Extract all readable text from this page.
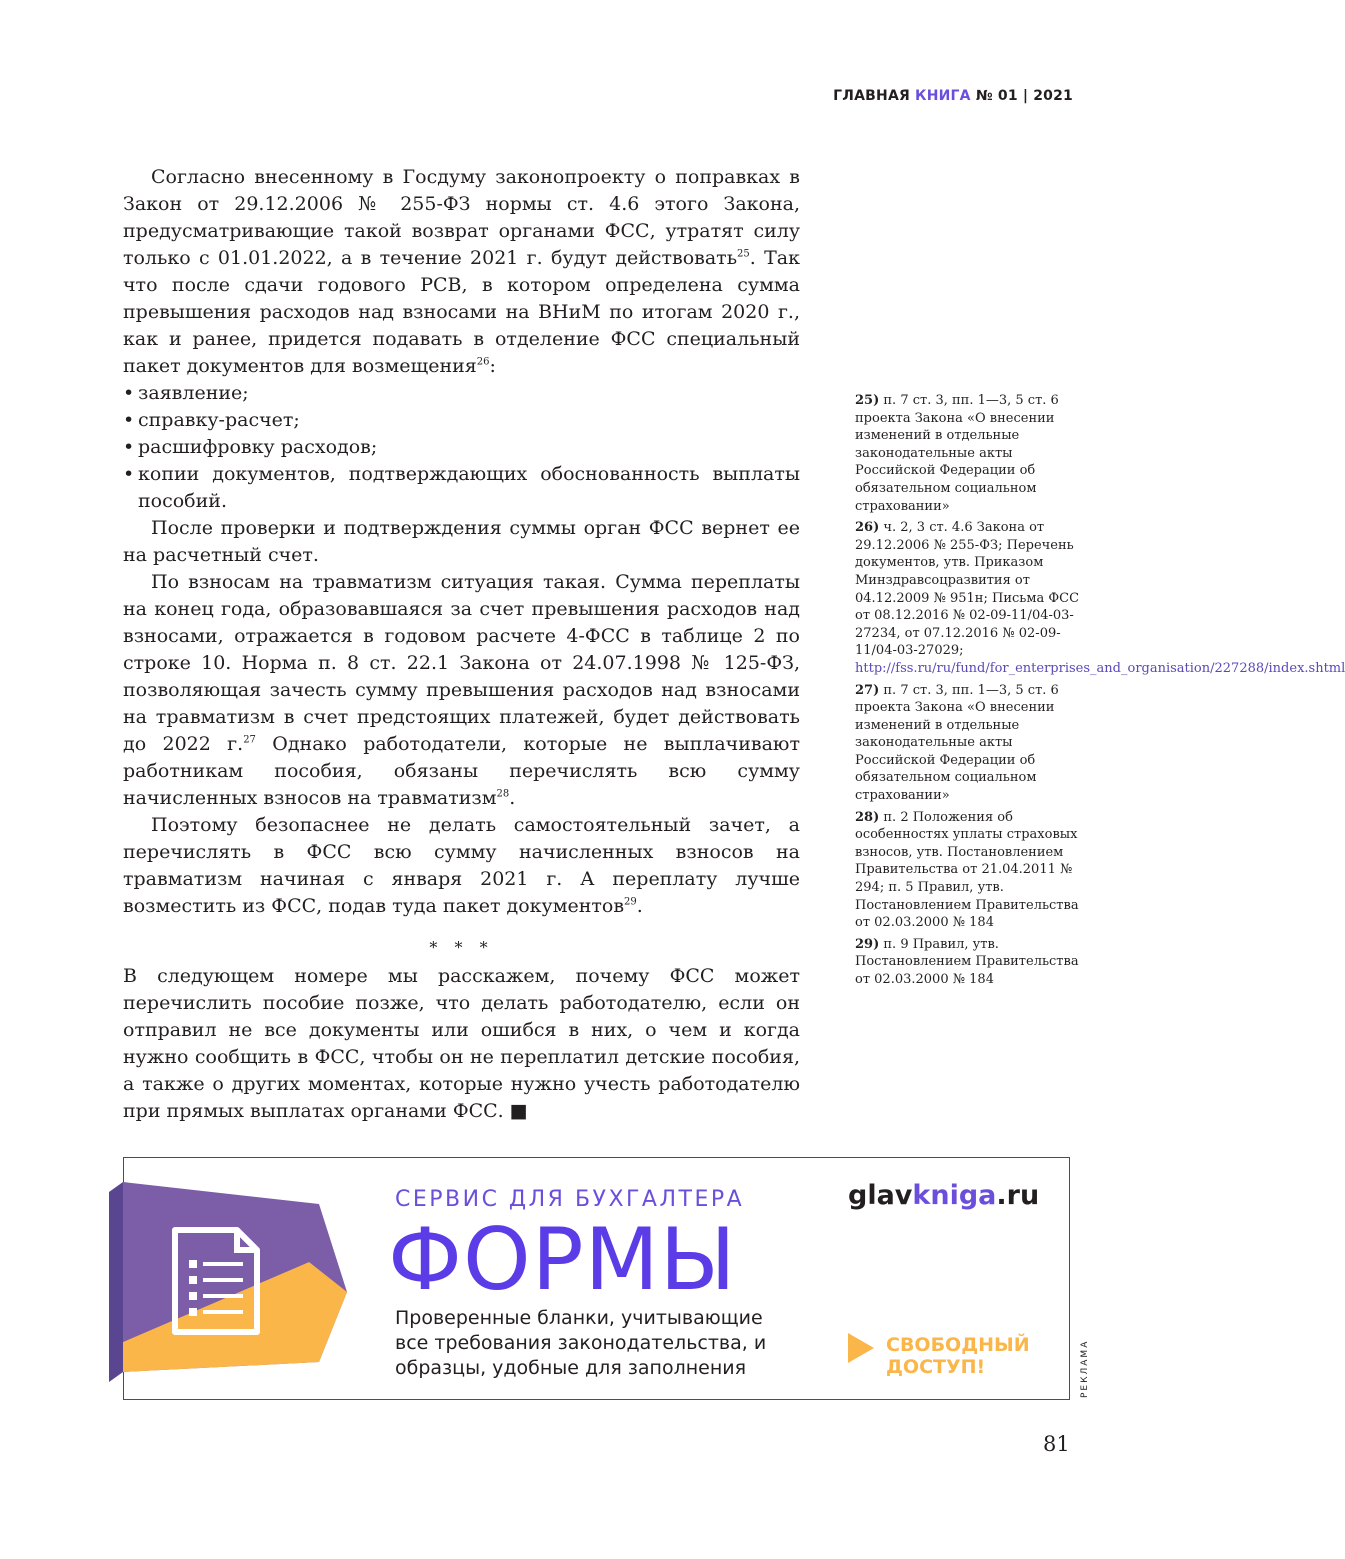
ГЛАВНАЯ КНИГА № 01 | 2021

Согласно внесенному в Госдуму законопроекту о поправках в Закон от 29.12.2006 № 255-ФЗ нормы ст. 4.6 этого Закона, предусматривающие такой возврат органами ФСС, утратят силу только с 01.01.2022, а в течение 2021 г. будут действовать$^{25}$. Так что после сдачи годового РСВ, в котором определена сумма превышения расходов над взносами на ВНиМ по итогам 2020 г., как и ранее, придется подавать в отделение ФСС специальный пакет документов для возмещения$^{26}$:

• заявление;
• справку-расчет;
• расшифровку расходов;
• копии документов, подтверждающих обоснованность выплаты пособий.

После проверки и подтверждения суммы орган ФСС вернет ее на расчетный счет.

По взносам на травматизм ситуация такая. Сумма переплаты на конец года, образовавшаяся за счет превышения расходов над взносами, отражается в годовом расчете 4-ФСС в таблице 2 по строке 10. Норма п. 8 ст. 22.1 Закона от 24.07.1998 № 125-ФЗ, позволяющая зачесть сумму превышения расходов над взносами на травматизм в счет предстоящих платежей, будет действовать до 2022 г.$^{27}$ Однако работодатели, которые не выплачивают работникам пособия, обязаны перечислять всю сумму начисленных взносов на травматизм$^{28}$.

Поэтому безопаснее не делать самостоятельный зачет, а перечислять в ФСС всю сумму начисленных взносов на травматизм начиная с января 2021 г. А переплату лучше возместить из ФСС, подав туда пакет документов$^{29}$.

* * *

В следующем номере мы расскажем, почему ФСС может перечислить пособие позже, что делать работодателю, если он отправил не все документы или ошибся в них, о чем и когда нужно сообщить в ФСС, чтобы он не переплатил детские пособия, а также о других моментах, которые нужно учесть работодателю при прямых выплатах органами ФСС. ■

25) п. 7 ст. 3, пп. 1—3, 5 ст. 6 проекта Закона «О внесении изменений в отдельные законодательные акты Российской Федерации об обязательном социальном страховании»
26) ч. 2, 3 ст. 4.6 Закона от 29.12.2006 № 255-ФЗ; Перечень документов, утв. Приказом Минздравсоцразвития от 04.12.2009 № 951н; Письма ФСС от 08.12.2016 № 02-09-11/04-03-27234, от 07.12.2016 № 02-09-11/04-03-27029;
http://fss.ru/ru/fund/for_enterprises_and_organisation/227288/index.shtml
27) п. 7 ст. 3, пп. 1—3, 5 ст. 6 проекта Закона «О внесении изменений в отдельные законодательные акты Российской Федерации об обязательном социальном страховании»
28) п. 2 Положения об особенностях уплаты страховых взносов, утв. Постановлением Правительства от 21.04.2011 № 294; п. 5 Правил, утв. Постановлением Правительства от 02.03.2000 № 184
29) п. 9 Правил, утв. Постановлением Правительства от 02.03.2000 № 184
СЕРВИС ДЛЯ БУХГАЛТЕРА
ФОРМЫ
Проверенные бланки, учитывающие все требования законодательства, и образцы, удобные для заполнения
glavkniga.ru
СВОБОДНЫЙ
ДОСТУП!	РЕКЛАМА
81
